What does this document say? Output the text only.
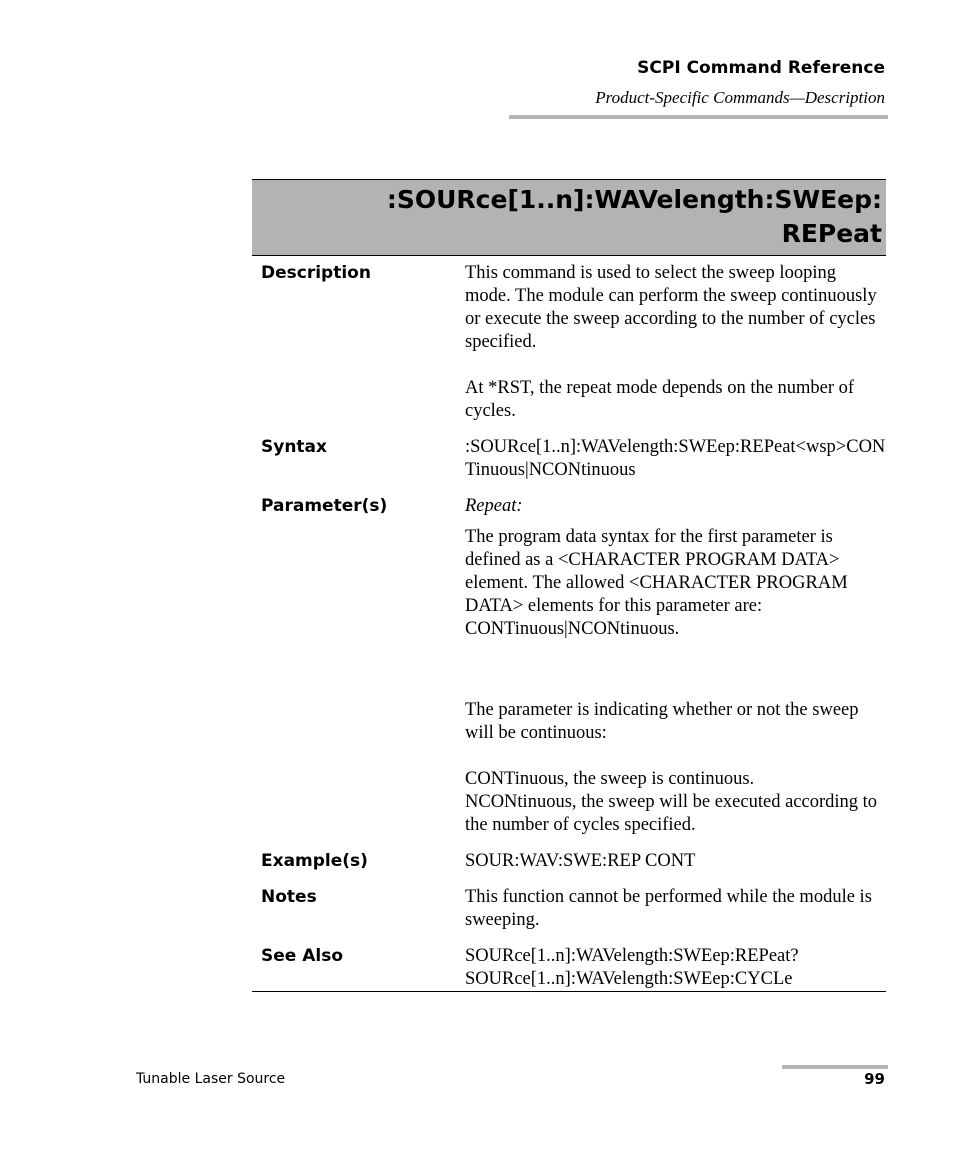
SCPI Command Reference
Product-Specific Commands—Description
:SOURce[1..n]:WAVelength:SWEep:
REPeat
Description	This command is used to select the sweep looping mode. The module can perform the sweep continuously or execute the sweep according to the number of cycles specified.

At *RST, the repeat mode depends on the number of cycles.

Syntax	:SOURce[1..n]:WAVelength:SWEep:REPeat<wsp>CONTinuous|NCONtinuous

Parameter(s)	Repeat:

The program data syntax for the first parameter is defined as a <CHARACTER PROGRAM DATA> element. The allowed <CHARACTER PROGRAM DATA> elements for this parameter are: CONTinuous|NCONtinuous.

The parameter is indicating whether or not the sweep will be continuous:

CONTinuous, the sweep is continuous.

NCONtinuous, the sweep will be executed according to the number of cycles specified.

Example(s)	SOUR:WAV:SWE:REP CONT

Notes	This function cannot be performed while the module is sweeping.

See Also	SOURce[1..n]:WAVelength:SWEep:REPeat?

SOURce[1..n]:WAVelength:SWEep:CYCLe

Tunable Laser Source	99
